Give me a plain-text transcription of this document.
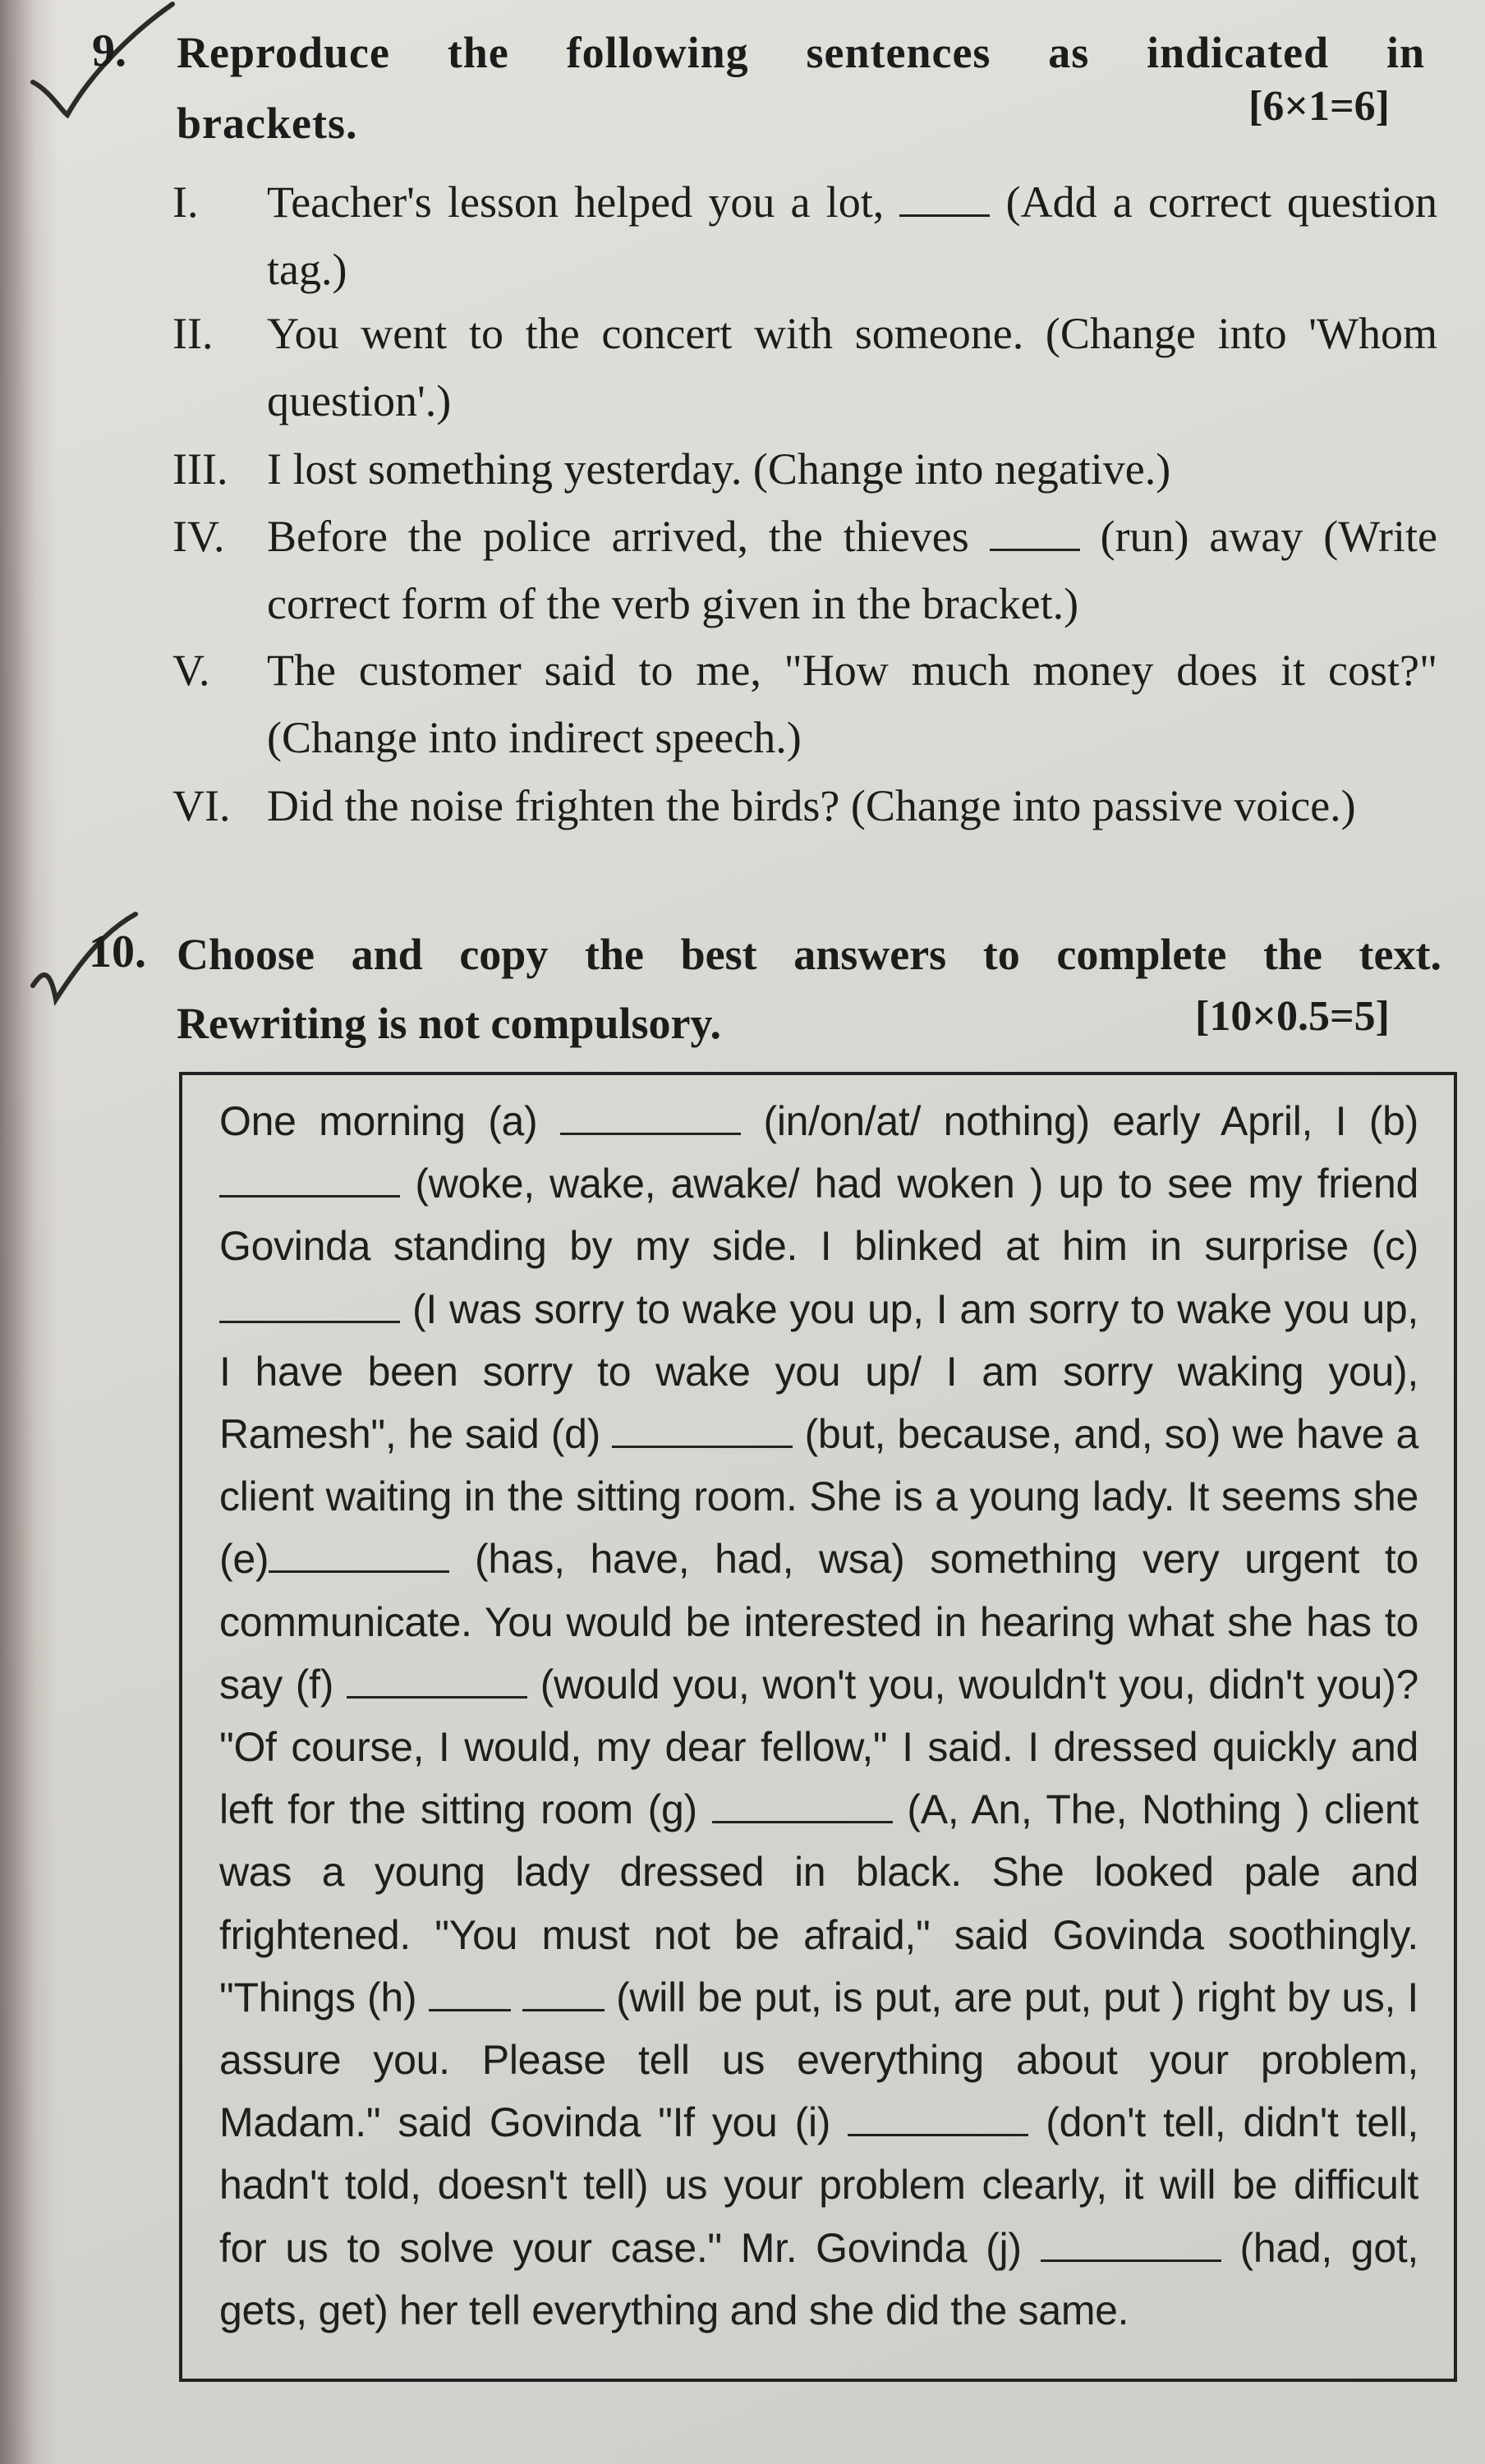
9. Reproduce the following sentences as indicated in
brackets.	[6×1=6]
I. Teacher's lesson helped you a lot,	(Add a correct question tag.)
II. You went to the concert with someone. (Change into 'Whom question'.)
III. I lost something yesterday. (Change into negative.)
IV. Before the police arrived, the thieves	(run) away (Write correct form of the verb given in the bracket.)
V. The customer said to me, "How much money does it cost?" (Change into indirect speech.)
VI. Did the noise frighten the birds? (Change into passive voice.)
10. Choose and copy the best answers to complete the text.
Rewriting is not compulsory.	[10×0.5=5]
One morning (a)	(in/on/at/ nothing) early April, I (b)  (woke, wake, awake/ had woken ) up to see my friend Govinda standing by my side. I blinked at him in surprise (c) (I was sorry to wake you up, I am sorry to wake you up, I have been sorry to wake you up/ I am sorry waking you), Ramesh", he said (d)	(but, because, and, so) we have a client waiting in the sitting room. She is a young lady. It seems she (e)	(has, have, had, wsa) something very urgent to communicate. You would be interested in hearing what she has to say (f)	(would you, won't you, wouldn't you, didn't you)? "Of course, I would, my dear fellow," I said. I dressed quickly and left for the sitting room (g)	(A, An, The, Nothing ) client was a young lady dressed in black. She looked pale and frightened. "You must not be afraid," said Govinda soothingly. "Things (h)	(will be put, is put, are put, put ) right by us, I assure you. Please tell us everything about your problem, Madam." said Govinda "If you (i)	(don't tell, didn't tell, hadn't told, doesn't tell) us your problem clearly, it will be difficult for us to solve your case." Mr. Govinda (j)	(had, got, gets, get) her tell everything and she did the same.
